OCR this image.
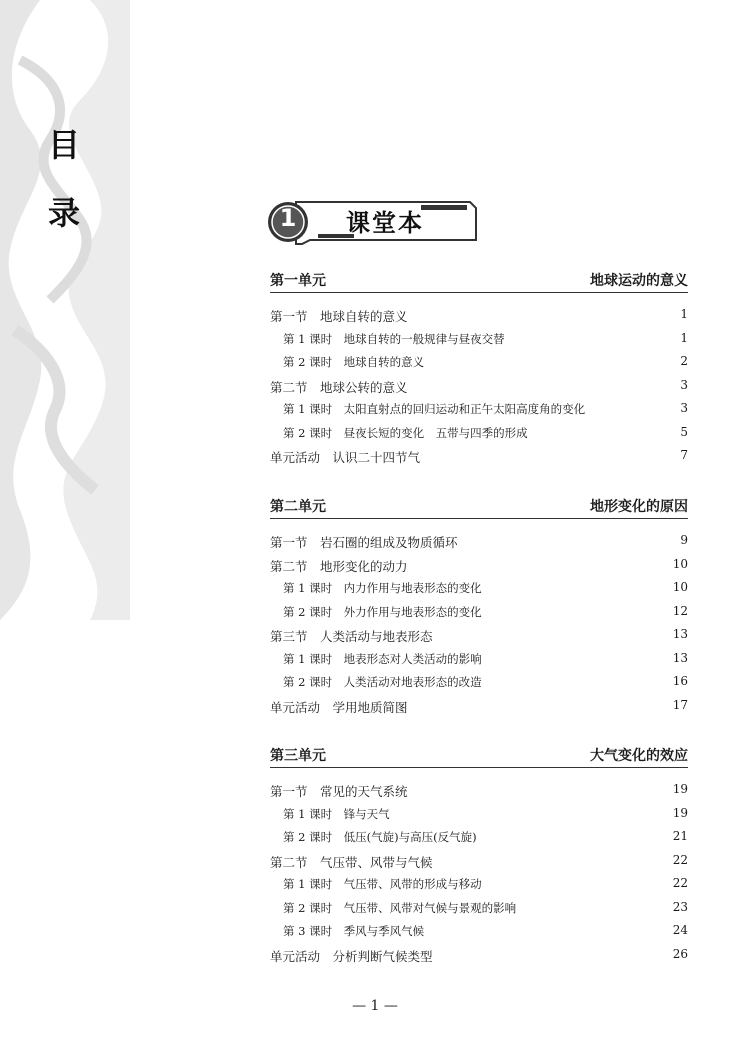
目
录	1	课堂本
第一单元	地球运动的意义
第一节　地球自转的意义	1
第 1 课时　地球自转的一般规律与昼夜交替	1
第 2 课时　地球自转的意义	2
第二节　地球公转的意义	3
第 1 课时　太阳直射点的回归运动和正午太阳高度角的变化	3
第 2 课时　昼夜长短的变化　五带与四季的形成	5
单元活动　认识二十四节气	7
第二单元	地形变化的原因
第一节　岩石圈的组成及物质循环	9
第二节　地形变化的动力	10
第 1 课时　内力作用与地表形态的变化	10
第 2 课时　外力作用与地表形态的变化	12
第三节　人类活动与地表形态	13
第 1 课时　地表形态对人类活动的影响	13
第 2 课时　人类活动对地表形态的改造	16
单元活动　学用地质简图	17
第三单元	大气变化的效应
第一节　常见的天气系统	19
第 1 课时　锋与天气	19
第 2 课时　低压(气旋)与高压(反气旋)	21
第二节　气压带、风带与气候	22
第 1 课时　气压带、风带的形成与移动	22
第 2 课时　气压带、风带对气候与景观的影响	23
第 3 课时　季风与季风气候	24
单元活动　分析判断气候类型	26
— 1 —
